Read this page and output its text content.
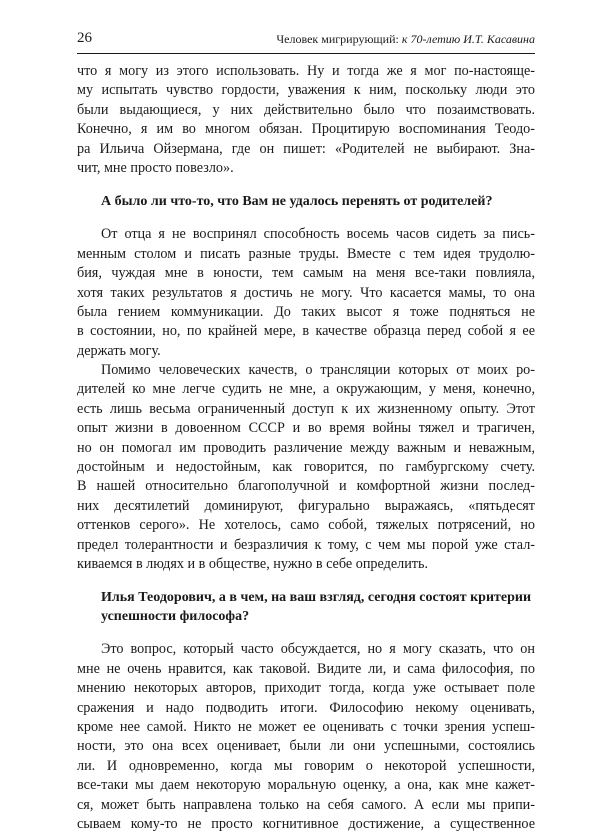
26	Человек мигрирующий: к 70-летию И.Т. Касавина
что я могу из этого использовать. Ну и тогда же я мог по-настояще-
му испытать чувство гордости, уважения к ним, поскольку люди это
были выдающиеся, у них действительно было что позаимствовать.
Конечно, я им во многом обязан. Процитирую воспоминания Теодо-
ра Ильича Ойзермана, где он пишет: «Родителей не выбирают. Зна-
чит, мне просто повезло».
А было ли что-то, что Вам не удалось перенять от родителей?
От отца я не воспринял способность восемь часов сидеть за пись-
менным столом и писать разные труды. Вместе с тем идея трудолю-
бия, чуждая мне в юности, тем самым на меня все-таки повлияла,
хотя таких результатов я достичь не могу. Что касается мамы, то она
была гением коммуникации. До таких высот я тоже подняться не
в состоянии, но, по крайней мере, в качестве образца перед собой я ее
держать могу.
Помимо человеческих качеств, о трансляции которых от моих ро-
дителей ко мне легче судить не мне, а окружающим, у меня, конечно,
есть лишь весьма ограниченный доступ к их жизненному опыту. Этот
опыт жизни в довоенном СССР и во время войны тяжел и трагичен,
но он помогал им проводить различение между важным и неважным,
достойным и недостойным, как говорится, по гамбургскому счету.
В нашей относительно благополучной и комфортной жизни послед-
них десятилетий доминируют, фигурально выражаясь, «пятьдесят
оттенков серого». Не хотелось, само собой, тяжелых потрясений, но
предел толерантности и безразличия к тому, с чем мы порой уже стал-
киваемся в людях и в обществе, нужно в себе определить.
Илья Теодорович, а в чем, на ваш взгляд, сегодня состоят критерии
успешности философа?
Это вопрос, который часто обсуждается, но я могу сказать, что он
мне не очень нравится, как таковой. Видите ли, и сама философия, по
мнению некоторых авторов, приходит тогда, когда уже остывает поле
сражения и надо подводить итоги. Философию некому оценивать,
кроме нее самой. Никто не может ее оценивать с точки зрения успеш-
ности, это она всех оценивает, были ли они успешными, состоялись
ли. И одновременно, когда мы говорим о некоторой успешности,
все-таки мы даем некоторую моральную оценку, а она, как мне кажет-
ся, может быть направлена только на себя самого. А если мы припи-
сываем кому-то не просто когнитивное достижение, а существенное
